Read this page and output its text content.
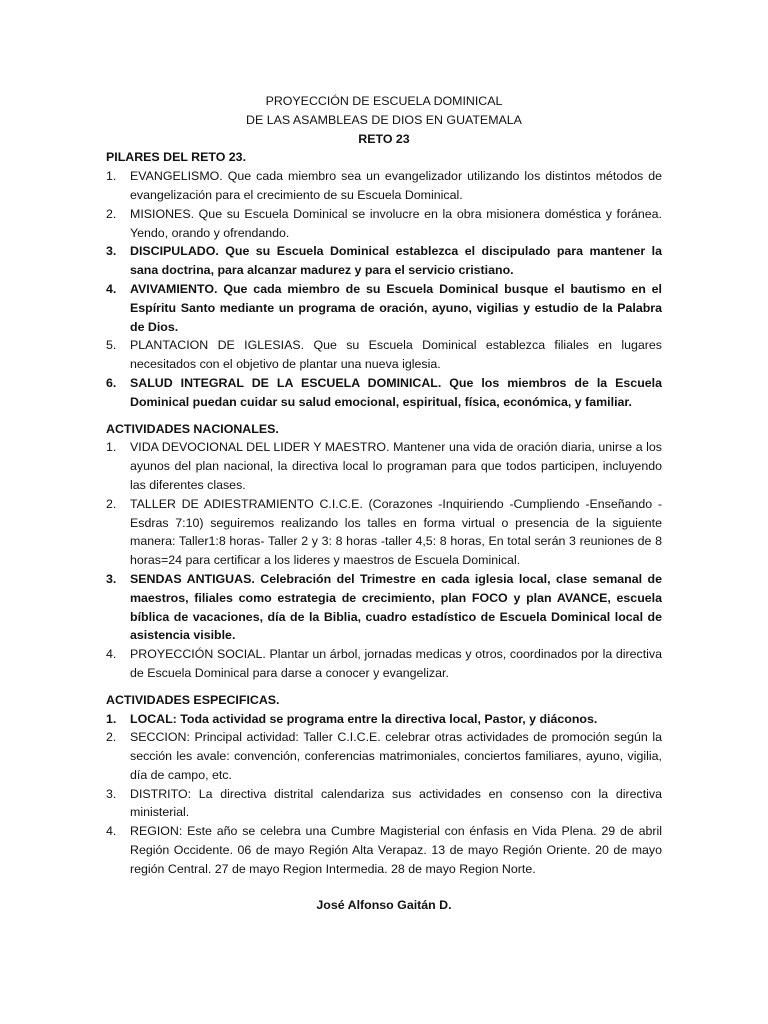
PROYECCIÓN DE ESCUELA DOMINICAL
DE LAS ASAMBLEAS DE DIOS EN GUATEMALA
RETO 23
PILARES DEL RETO 23.
1. EVANGELISMO. Que cada miembro sea un evangelizador utilizando los distintos métodos de evangelización para el crecimiento de su Escuela Dominical.
2. MISIONES. Que su Escuela Dominical se involucre en la obra misionera doméstica y foránea. Yendo, orando y ofrendando.
3. DISCIPULADO. Que su Escuela Dominical establezca el discipulado para mantener la sana doctrina, para alcanzar madurez y para el servicio cristiano.
4. AVIVAMIENTO. Que cada miembro de su Escuela Dominical busque el bautismo en el Espíritu Santo mediante un programa de oración, ayuno, vigilias y estudio de la Palabra de Dios.
5. PLANTACION DE IGLESIAS. Que su Escuela Dominical establezca filiales en lugares necesitados con el objetivo de plantar una nueva iglesia.
6. SALUD INTEGRAL DE LA ESCUELA DOMINICAL. Que los miembros de la Escuela Dominical puedan cuidar su salud emocional, espiritual, física, económica, y familiar.
ACTIVIDADES NACIONALES.
1. VIDA DEVOCIONAL DEL LIDER Y MAESTRO. Mantener una vida de oración diaria, unirse a los ayunos del plan nacional, la directiva local lo programan para que todos participen, incluyendo las diferentes clases.
2. TALLER DE ADIESTRAMIENTO C.I.C.E. (Corazones -Inquiriendo -Cumpliendo -Enseñando - Esdras 7:10) seguiremos realizando los talles en forma virtual o presencia de la siguiente manera: Taller1:8 horas- Taller 2 y 3: 8 horas -taller 4,5: 8 horas, En total serán 3 reuniones de 8 horas=24 para certificar a los lideres y maestros de Escuela Dominical.
3. SENDAS ANTIGUAS. Celebración del Trimestre en cada iglesia local, clase semanal de maestros, filiales como estrategia de crecimiento, plan FOCO y plan AVANCE, escuela bíblica de vacaciones, día de la Biblia, cuadro estadístico de Escuela Dominical local de asistencia visible.
4. PROYECCIÓN SOCIAL. Plantar un árbol, jornadas medicas y otros, coordinados por la directiva de Escuela Dominical para darse a conocer y evangelizar.
ACTIVIDADES ESPECIFICAS.
1. LOCAL: Toda actividad se programa entre la directiva local, Pastor, y diáconos.
2. SECCION: Principal actividad: Taller C.I.C.E. celebrar otras actividades de promoción según la sección les avale: convención, conferencias matrimoniales, conciertos familiares, ayuno, vigilia, día de campo, etc.
3. DISTRITO: La directiva distrital calendariza sus actividades en consenso con la directiva ministerial.
4. REGION: Este año se celebra una Cumbre Magisterial con énfasis en Vida Plena. 29 de abril Región Occidente. 06 de mayo Región Alta Verapaz. 13 de mayo Región Oriente. 20 de mayo región Central. 27 de mayo Region Intermedia. 28 de mayo Region Norte.
José Alfonso Gaitán D.
